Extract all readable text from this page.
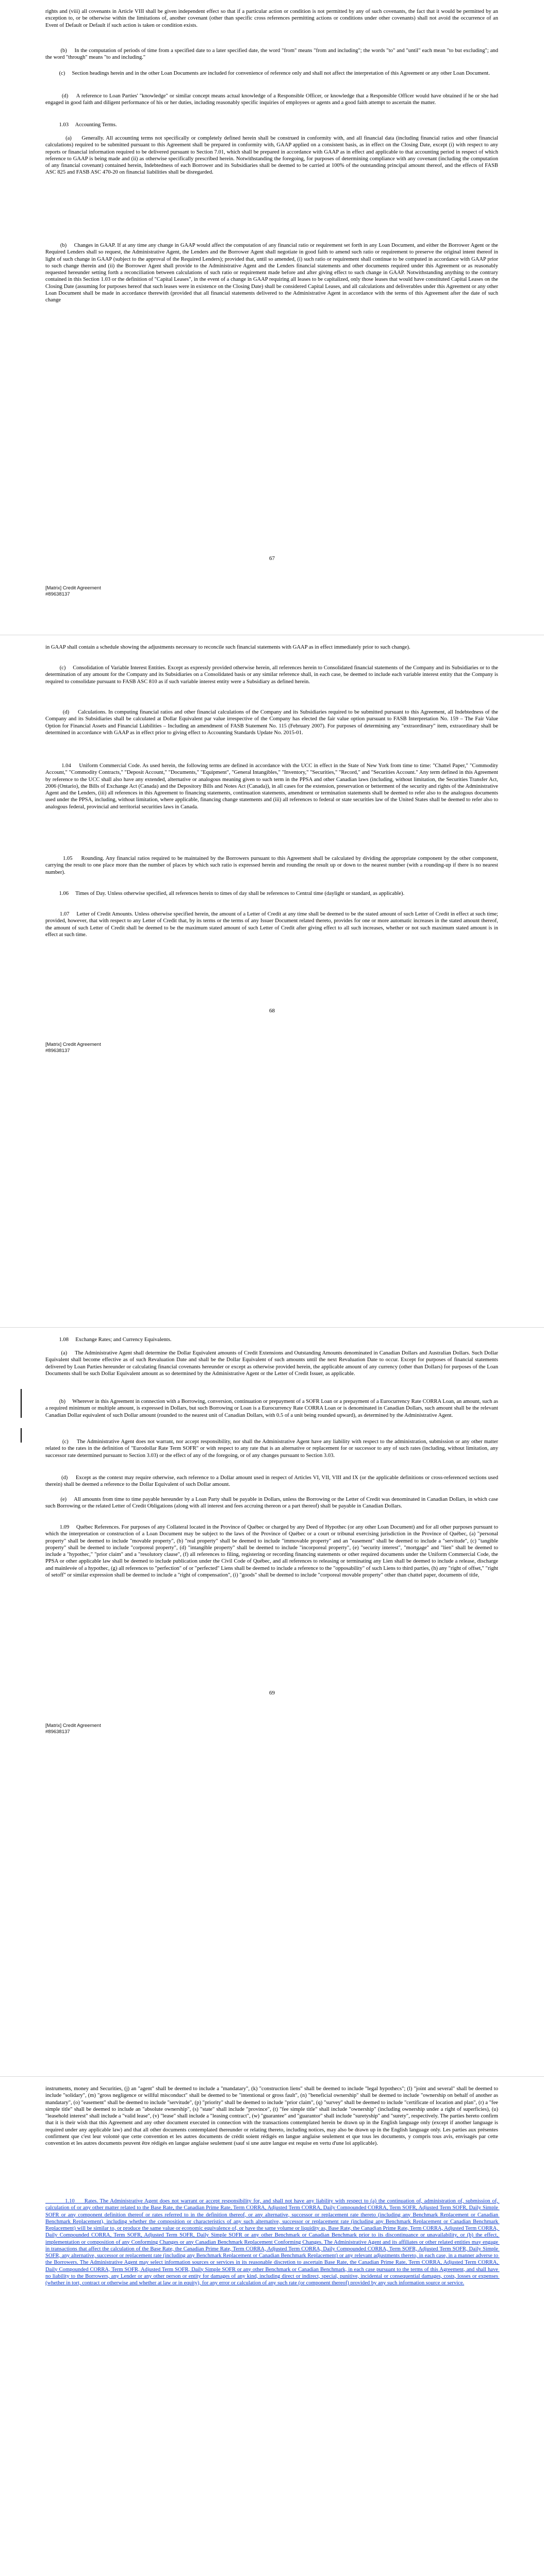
rights and (viii) all covenants in Article VIII shall be given independent effect so that if a particular action or condition is not permitted by any of such covenants, the fact that it would be permitted by an exception to, or be otherwise within the limitations of, another covenant (other than specific cross references permitting actions or conditions under other covenants) shall not avoid the occurrence of an Event of Default or Default if such action is taken or condition exists.

(b)     In the computation of periods of time from a specified date to a later specified date, the word "from" means "from and including"; the words "to" and "until" each mean "to but excluding"; and the word "through" means "to and including."

(c)     Section headings herein and in the other Loan Documents are included for convenience of reference only and shall not affect the interpretation of this Agreement or any other Loan Document.

(d)     A reference to Loan Parties' "knowledge" or similar concept means actual knowledge of a Responsible Officer, or knowledge that a Responsible Officer would have obtained if he or she had engaged in good faith and diligent performance of his or her duties, including reasonably specific inquiries of employees or agents and a good faith attempt to ascertain the matter.

1.03     Accounting Terms.

(a)     Generally. All accounting terms not specifically or completely defined herein shall be construed in conformity with, and all financial data (including financial ratios and other financial calculations) required to be submitted pursuant to this Agreement shall be prepared in conformity with, GAAP applied on a consistent basis, as in effect on the Closing Date, except (i) with respect to any reports or financial information required to be delivered pursuant to Section 7.01, which shall be prepared in accordance with GAAP as in effect and applicable to that accounting period in respect of which reference to GAAP is being made and (ii) as otherwise specifically prescribed herein. Notwithstanding the foregoing, for purposes of determining compliance with any covenant (including the computation of any financial covenant) contained herein, Indebtedness of each Borrower and its Subsidiaries shall be deemed to be carried at 100% of the outstanding principal amount thereof, and the effects of FASB ASC 825 and FASB ASC 470-20 on financial liabilities shall be disregarded.

(b)     Changes in GAAP. If at any time any change in GAAP would affect the computation of any financial ratio or requirement set forth in any Loan Document, and either the Borrower Agent or the Required Lenders shall so request, the Administrative Agent, the Lenders and the Borrower Agent shall negotiate in good faith to amend such ratio or requirement to preserve the original intent thereof in light of such change in GAAP (subject to the approval of the Required Lenders); provided that, until so amended, (i) such ratio or requirement shall continue to be computed in accordance with GAAP prior to such change therein and (ii) the Borrower Agent shall provide to the Administrative Agent and the Lenders financial statements and other documents required under this Agreement or as reasonably requested hereunder setting forth a reconciliation between calculations of such ratio or requirement made before and after giving effect to such change in GAAP. Notwithstanding anything to the contrary contained in this Section 1.03 or the definition of "Capital Leases", in the event of a change in GAAP requiring all leases to be capitalized, only those leases that would have constituted Capital Leases on the Closing Date (assuming for purposes hereof that such leases were in existence on the Closing Date) shall be considered Capital Leases, and all calculations and deliverables under this Agreement or any other Loan Document shall be made in accordance therewith (provided that all financial statements delivered to the Administrative Agent in accordance with the terms of this Agreement after the date of such change

67
[Matrix] Credit Agreement
#89638137

in GAAP shall contain a schedule showing the adjustments necessary to reconcile such financial statements with GAAP as in effect immediately prior to such change).

(c)     Consolidation of Variable Interest Entities. Except as expressly provided otherwise herein, all references herein to Consolidated financial statements of the Company and its Subsidiaries or to the determination of any amount for the Company and its Subsidiaries on a Consolidated basis or any similar reference shall, in each case, be deemed to include each variable interest entity that the Company is required to consolidate pursuant to FASB ASC 810 as if such variable interest entity were a Subsidiary as defined herein.

(d)     Calculations. In computing financial ratios and other financial calculations of the Company and its Subsidiaries required to be submitted pursuant to this Agreement, all Indebtedness of the Company and its Subsidiaries shall be calculated at Dollar Equivalent par value irrespective of the Company has elected the fair value option pursuant to FASB Interpretation No. 159 – The Fair Value Option for Financial Assets and Financial Liabilities – Including an amendment of FASB Statement No. 115 (February 2007). For purposes of determining any "extraordinary" item, extraordinary shall be determined in accordance with GAAP as in effect prior to giving effect to Accounting Standards Update No. 2015-01.

1.04     Uniform Commercial Code. As used herein, the following terms are defined in accordance with the UCC in effect in the State of New York from time to time: "Chattel Paper," "Commodity Account," "Commodity Contracts," "Deposit Account," "Documents," "Equipment", "General Intangibles," "Inventory," "Securities," "Record," and "Securities Account." Any term defined in this Agreement by reference to the UCC shall also have any extended, alternative or analogous meaning given to such term in the PPSA and other Canadian laws (including, without limitation, the Securities Transfer Act, 2006 (Ontario), the Bills of Exchange Act (Canada) and the Depository Bills and Notes Act (Canada)), in all cases for the extension, preservation or betterment of the security and rights of the Administrative Agent and the Lenders, (iii) all references in this Agreement to financing statements, continuation statements, amendment or termination statements shall be deemed to refer also to the analogous documents used under the PPSA, including, without limitation, where applicable, financing change statements and (iii) all references to federal or state securities law of the United States shall be deemed to refer also to analogous federal, provincial and territorial securities laws in Canada.

1.05     Rounding. Any financial ratios required to be maintained by the Borrowers pursuant to this Agreement shall be calculated by dividing the appropriate component by the other component, carrying the result to one place more than the number of places by which such ratio is expressed herein and rounding the result up or down to the nearest number (with a rounding-up if there is no nearest number).

1.06     Times of Day. Unless otherwise specified, all references herein to times of day shall be references to Central time (daylight or standard, as applicable).

1.07     Letter of Credit Amounts. Unless otherwise specified herein, the amount of a Letter of Credit at any time shall be deemed to be the stated amount of such Letter of Credit in effect at such time; provided, however, that with respect to any Letter of Credit that, by its terms or the terms of any Issuer Document related thereto, provides for one or more automatic increases in the stated amount thereof, the amount of such Letter of Credit shall be deemed to be the maximum stated amount of such Letter of Credit after giving effect to all such increases, whether or not such maximum stated amount is in effect at such time.

68
[Matrix] Credit Agreement
#89638137

1.08     Exchange Rates; and Currency Equivalents.

(a)     The Administrative Agent shall determine the Dollar Equivalent amounts of Credit Extensions and Outstanding Amounts denominated in Canadian Dollars and Australian Dollars. Such Dollar Equivalent shall become effective as of such Revaluation Date and shall be the Dollar Equivalent of such amounts until the next Revaluation Date to occur. Except for purposes of financial statements delivered by Loan Parties hereunder or calculating financial covenants hereunder or except as otherwise provided herein, the applicable amount of any currency (other than Dollars) for purposes of the Loan Documents shall be such Dollar Equivalent amount as so determined by the Administrative Agent or the Letter of Credit Issuer, as applicable.

(b)     Wherever in this Agreement in connection with a Borrowing, conversion, continuation or prepayment of a SOFR Loan or a prepayment of a Eurocurrency Rate CORRA Loan, an amount, such as a required minimum or multiple amount, is expressed in Dollars, but such Borrowing or Loan is a Eurocurrency Rate CORRA Loan or is denominated in Canadian Dollars, such amount shall be the relevant Canadian Dollar equivalent of such Dollar amount (rounded to the nearest unit of Canadian Dollars, with 0.5 of a unit being rounded upward), as determined by the Administrative Agent.

(c)     The Administrative Agent does not warrant, nor accept responsibility, nor shall the Administrative Agent have any liability with respect to the administration, submission or any other matter related to the rates in the definition of "Eurodollar Rate Term SOFR" or with respect to any rate that is an alternative or replacement for or successor to any of such rates (including, without limitation, any successor rate determined pursuant to Section 3.03) or the effect of any of the foregoing, or of any changes pursuant to Section 3.03.

(d)     Except as the context may require otherwise, each reference to a Dollar amount used in respect of Articles VI, VII, VIII and IX (or the applicable definitions or cross-referenced sections used therein) shall be deemed a reference to the Dollar Equivalent of such Dollar amount.

(e)     All amounts from time to time payable hereunder by a Loan Party shall be payable in Dollars, unless the Borrowing or the Letter of Credit was denominated in Canadian Dollars, in which case such Borrowing or the related Letter of Credit Obligations (along with all interest and fees accruing thereon or a part thereof) shall be payable in Canadian Dollars.

1.09     Québec References. For purposes of any Collateral located in the Province of Québec or charged by any Deed of Hypothec (or any other Loan Document) and for all other purposes pursuant to which the interpretation or construction of a Loan Document may be subject to the laws of the Province of Québec or a court or tribunal exercising jurisdiction in the Province of Québec, (a) "personal property" shall be deemed to include "movable property", (b) "real property" shall be deemed to include "immovable property" and an "easement" shall be deemed to include a "servitude", (c) "tangible property" shall be deemed to include "corporeal property", (d) "intangible property" shall be deemed to include "incorporeal property", (e) "security interest", "mortgage" and "lien" shall be deemed to include a "hypothec," "prior claim" and a "resolutory clause", (f) all references to filing, registering or recording financing statements or other required documents under the Uniform Commercial Code, the PPSA or other applicable law shall be deemed to include publication under the Civil Code of Québec, and all references to releasing or terminating any Lien shall be deemed to include a release, discharge and mainlevée of a hypothec, (g) all references to "perfection" of or "perfected" Liens shall be deemed to include a reference to the "opposability" of such Liens to third parties, (h) any "right of offset," "right of setoff" or similar expression shall be deemed to include a "right of compensation", (i) "goods" shall be deemed to include "corporeal movable property" other than chattel paper, documents of title,

69
[Matrix] Credit Agreement
#89638137

instruments, money and Securities, (j) an "agent" shall be deemed to include a "mandatary", (k) "construction liens" shall be deemed to include "legal hypothecs"; (l) "joint and several" shall be deemed to include "solidary", (m) "gross negligence or willful misconduct" shall be deemed to be "intentional or gross fault", (n) "beneficial ownership" shall be deemed to include "ownership on behalf of another as mandatary", (o) "easement" shall be deemed to include "servitude", (p) "priority" shall be deemed to include "prior claim", (q) "survey" shall be deemed to include "certificate of location and plan", (r) a "fee simple title" shall be deemed to include an "absolute ownership", (s) "state" shall include "province", (t) "fee simple title" shall include "ownership" (including ownership under a right of superficies), (u) "leasehold interest" shall include a "valid lease", (v) "lease" shall include a "leasing contract", (w) "guarantee" and "guarantor" shall include "suretyship" and "surety", respectively. The parties hereto confirm that it is their wish that this Agreement and any other document executed in connection with the transactions contemplated herein be drawn up in the English language only (except if another language is required under any applicable law) and that all other documents contemplated thereunder or relating thereto, including notices, may also be drawn up in the English language only. Les parties aux présentes confirment que c'est leur volonté que cette convention et les autres documents de crédit soient rédigés en langue anglaise seulement et que tous les documents, y compris tous avis, envisagés par cette convention et les autres documents peuvent être rédigés en langue anglaise seulement (sauf si une autre langue est requise en vertu d'une loi applicable).

1.10     Rates. The Administrative Agent does not warrant or accept responsibility for, and shall not have any liability with respect to (a) the continuation of, administration of, submission of, calculation of or any other matter related to the Base Rate, the Canadian Prime Rate, Term CORRA, Adjusted Term CORRA, Daily Compounded CORRA, Term SOFR, Adjusted Term SOFR, Daily Simple SOFR or any component definition thereof or rates referred to in the definition thereof, or any alternative, successor or replacement rate thereto (including any Benchmark Replacement or Canadian Benchmark Replacement), including whether the composition or characteristics of any such alternative, successor or replacement rate (including any Benchmark Replacement or Canadian Benchmark Replacement) will be similar to, or produce the same value or economic equivalence of, or have the same volume or liquidity as, Base Rate, the Canadian Prime Rate, Term CORRA, Adjusted Term CORRA, Daily Compounded CORRA, Term SOFR, Adjusted Term SOFR, Daily Simple SOFR or any other Benchmark or Canadian Benchmark prior to its discontinuance or unavailability, or (b) the effect, implementation or composition of any Conforming Changes or any Canadian Benchmark Replacement Conforming Changes. The Administrative Agent and its affiliates or other related entities may engage in transactions that affect the calculation of the Base Rate, the Canadian Prime Rate, Term CORRA, Adjusted Term CORRA, Daily Compounded CORRA, Term SOFR, Adjusted Term SOFR, Daily Simple SOFR, any alternative, successor or replacement rate (including any Benchmark Replacement or Canadian Benchmark Replacement) or any relevant adjustments thereto, in each case, in a manner adverse to the Borrowers. The Administrative Agent may select information sources or services in its reasonable discretion to ascertain Base Rate, the Canadian Prime Rate, Term CORRA, Adjusted Term CORRA, Daily Compounded CORRA, Term SOFR, Adjusted Term SOFR, Daily Simple SOFR or any other Benchmark or Canadian Benchmark, in each case pursuant to the terms of this Agreement, and shall have no liability to the Borrowers, any Lender or any other person or entity for damages of any kind, including direct or indirect, special, punitive, incidental or consequential damages, costs, losses or expenses (whether in tort, contract or otherwise and whether at law or in equity), for any error or calculation of any such rate (or component thereof) provided by any such information source or service.
